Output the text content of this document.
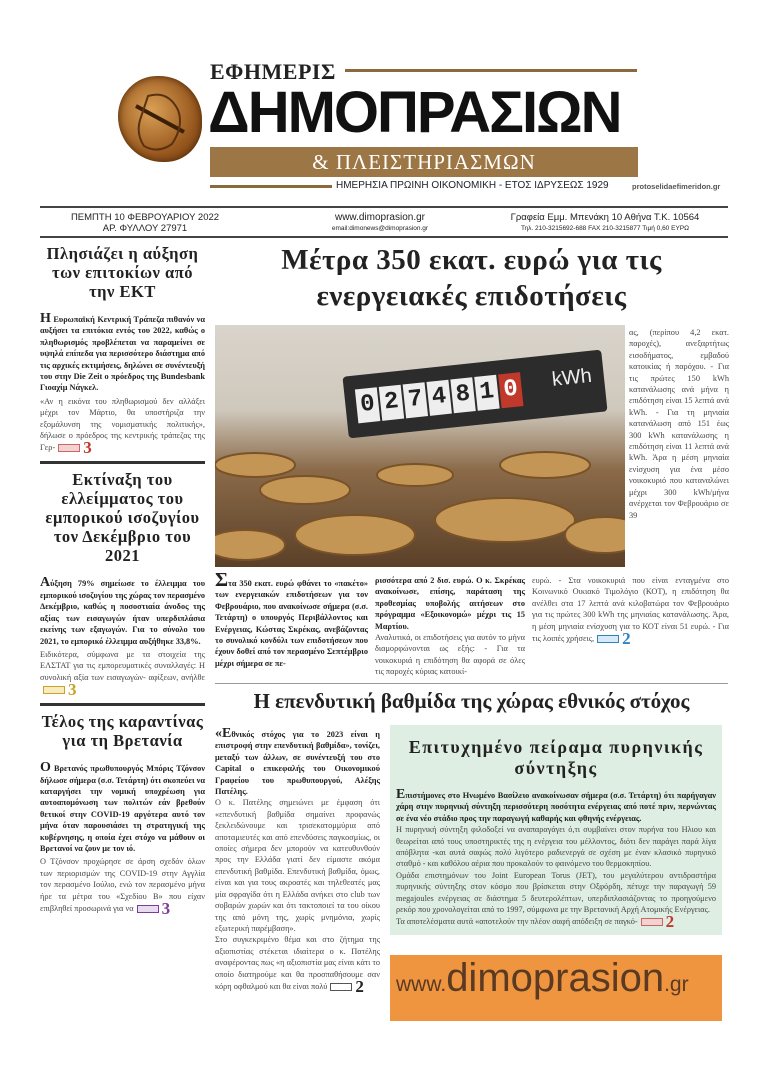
ΕΦΗΜΕΡΙΣ
ΔΗΜΟΠΡΑΣΙΩΝ
& ΠΛΕΙΣΤΗΡΙΑΣΜΩΝ
ΗΜΕΡΗΣΙΑ ΠΡΩΙΝΗ ΟΙΚΟΝΟΜΙΚΗ - ΕΤΟΣ ΙΔΡΥΣΕΩΣ 1929	protoselidaefimeridon.gr
ΠΕΜΠΤΗ 10 ΦΕΒΡΟΥΑΡΙΟΥ 2022
ΑΡ. ΦΥΛΛΟΥ 27971
www.dimoprasion.gr
email:dimonews@dimoprasion.gr
Γραφεία Εμμ. Μπενάκη 10 Αθήνα Τ.Κ. 10564
Τηλ. 210-3215692-688 FAX 210-3215877 Τιμή 0,60 ΕΥΡΩ
Πλησιάζει η αύξηση των επιτοκίων από την ΕΚΤ
Η Ευρωπαϊκή Κεντρική Τράπεζα πιθανόν να αυξήσει τα επιτόκια εντός του 2022, καθώς ο πληθωρισμός προβλέπεται να παραμείνει σε υψηλά επίπεδα για περισσότερο διάστημα από τις αρχικές εκτιμήσεις, δηλώνει σε συνέντευξή του στην Die Zeit ο πρόεδρος της Bundesbank Γιοαχίμ Νάγκελ.
«Αν η εικόνα του πληθωρισμού δεν αλλάξει μέχρι τον Μάρτιο, θα υποστήριζα την εξομάλυνση της νομισματικής πολιτικής», δήλωσε ο πρόεδρος της κεντρικής τράπεζας της Γερ- 3
Εκτίναξη του ελλείμματος του εμπορικού ισοζυγίου τον Δεκέμβριο του 2021
Αύξηση 79% σημείωσε το έλλειμμα του εμπορικού ισοζυγίου της χώρας τον περασμένο Δεκέμβριο, καθώς η ποσοστιαία άνοδος της αξίας των εισαγωγών ήταν υπερδιπλάσια εκείνης των εξαγωγών. Για το σύνολο του 2021, το εμπορικό έλλειμμα αυξήθηκε 33,8%.
Ειδικότερα, σύμφωνα με τα στοιχεία της ΕΛΣΤΑΤ για τις εμπορευματικές συναλλαγές: Η συνολική αξία των εισαγωγών- αφίξεων, ανήλθε3
Τέλος της καραντίνας για τη Βρετανία
Ο Βρετανός πρωθυπουργός Μπόρις Τζόνσον δήλωσε σήμερα (σ.σ. Τετάρτη) ότι σκοπεύει να καταργήσει την νομική υποχρέωση για αυτοαπομόνωση των πολιτών εάν βρεθούν θετικοί στην COVID-19 αργότερα αυτό τον μήνα όταν παρουσιάσει τη στρατηγική της κυβέρνησης, η οποία έχει στόχο να μάθουν οι Βρετανοί να ζουν με τον ιό.
Ο Τζόνσον προχώρησε σε άρση σχεδόν όλων των περιορισμών της COVID-19 στην Αγγλία τον περασμένο Ιούλιο, ενώ τον περασμένο μήνα ήρε τα μέτρα του «Σχεδίου Β» που είχαν επιβληθεί προσωρινά για να 3
Μέτρα 350 εκατ. ευρώ για τις ενεργειακές επιδοτήσεις
0 2 7 4 8 1 0 kWh
ας, (περίπου 4,2 εκατ. παροχές), ανεξαρτήτως εισοδήματος, εμβαδού κατοικίας ή παρόχου. - Για τις πρώτες 150 kWh κατανάλωσης ανά μήνα η επιδότηση είναι 15 λεπτά ανά kWh. - Για τη μηνιαία κατανάλωση από 151 έως 300 kWh κατανάλωσης η επιδότηση είναι 11 λεπτά ανά kWh. Άρα η μέση μηνιαία ενίσχυση για ένα μέσο νοικοκυριό που καταναλώνει μέχρι 300 kWh/μήνα ανέρχεται τον Φεβρουάριο σε 39
Στα 350 εκατ. ευρώ φθάνει το «πακέτο» των ενεργειακών επιδοτήσεων για τον Φεβρουάριο, που ανακοίνωσε σήμερα (σ.σ. Τετάρτη) ο υπουργός Περιβάλλοντος και Ενέργειας, Κώστας Σκρέκας, ανεβάζοντας το συνολικό κονδύλι των επιδοτήσεων που έχουν δοθεί από τον περασμένο Σεπτέμβριο μέχρι σήμερα σε πε-
ρισσότερα από 2 δισ. ευρώ. Ο κ. Σκρέκας ανακοίνωσε, επίσης, παράταση της προθεσμίας υποβολής αιτήσεων στο πρόγραμμα «Εξοικονομώ» μέχρι τις 15 Μαρτίου.
Αναλυτικά, οι επιδοτήσεις για αυτόν το μήνα διαμορφώνονται ως εξής: - Για τα νοικοκυριά η επιδότηση θα αφορά σε όλες τις παροχές κύριας κατοικί-
ευρώ. - Στα νοικοκυριά που είναι ενταγμένα στο Κοινωνικό Οικιακό Τιμολόγιο (ΚΟΤ), η επιδότηση θα ανέλθει στα 17 λεπτά ανά κιλοβατώρα τον Φεβρουάριο για τις πρώτες 300 kWh της μηνιαίας κατανάλωσης. Άρα, η μέση μηνιαία ενίσχυση για το ΚΟΤ είναι 51 ευρώ. - Για τις λοιπές χρήσεις, 2
Η επενδυτική βαθμίδα της χώρας εθνικός στόχος
«Εθνικός στόχος για το 2023 είναι η επιστροφή στην επενδυτική βαθμίδα», τονίζει, μεταξύ των άλλων, σε συνέντευξή του στο Capital ο επικεφαλής του Οικονομικού Γραφείου του πρωθυπουργού, Αλέξης Πατέλης.
Ο κ. Πατέλης σημειώνει με έμφαση ότι «επενδυτική βαθμίδα σημαίνει προφανώς ξεκλειδώνουμε και τρισεκατομμύρια από αποταμιευτές και από επενδύσεις παγκοσμίως, οι οποίες σήμερα δεν μπορούν να κατευθυνθούν προς την Ελλάδα γιατί δεν είμαστε ακόμα επενδυτική βαθμίδα. Επενδυτική βαθμίδα, όμως, είναι και για τους ακροατές και τηλεθεατές μας μία σφραγίδα ότι η Ελλάδα ανήκει στο club των σοβαρών χωρών και ότι τακτοποιεί τα του οίκου της από μόνη της, χωρίς μνημόνια, χωρίς εξωτερική παρέμβαση».
Στο συγκεκριμένο θέμα και στο ζήτημα της αξιοπιστίας στέκεται ιδιαίτερα ο κ. Πατέλης αναφέροντας πως «η αξιοπιστία μας είναι κάτι το οποίο διατηρούμε και θα προσπαθήσουμε σαν κόρη οφθαλμού και θα είναι πολύ 2
Επιτυχημένο πείραμα πυρηνικής σύντηξης
Επιστήμονες στο Ηνωμένο Βασίλειο ανακοίνωσαν σήμερα (σ.σ. Τετάρτη) ότι παρήγαγαν χάρη στην πυρηνική σύντηξη περισσότερη ποσότητα ενέργειας από ποτέ πριν, περνώντας σε ένα νέο στάδιο προς την παραγωγή καθαρής και φθηνής ενέργειας.
Η πυρηνική σύντηξη φιλοδοξεί να αναπαραγάγει ό,τι συμβαίνει στον πυρήνα του Ηλιου και θεωρείται από τους υποστηρικτές της η ενέργεια του μέλλοντος, διότι δεν παράγει παρά λίγα απόβλητα -και αυτά σαφώς πολύ λιγότερο ραδιενεργά σε σχέση με έναν κλασικό πυρηνικό σταθμό - και καθόλου αέρια που προκαλούν το φαινόμενο του θερμοκηπίου.
Ομάδα επιστημόνων του Joint European Torus (JET), του μεγαλύτερου αντιδραστήρα πυρηνικής σύντηξης στον κόσμο που βρίσκεται στην Οξφόρδη, πέτυχε την παραγωγή 59 megajoules ενέργειας σε διάστημα 5 δευτερολέπτων, υπερδιπλασιάζοντας το προηγούμενο ρεκόρ που χρονολογείται από το 1997, σύμφωνα με την Βρετανική Αρχή Ατομικής Ενέργειας.
Τα αποτελέσματα αυτά «αποτελούν την πλέον σαφή απόδειξη σε παγκό- 2
www.dimoprasion.gr
